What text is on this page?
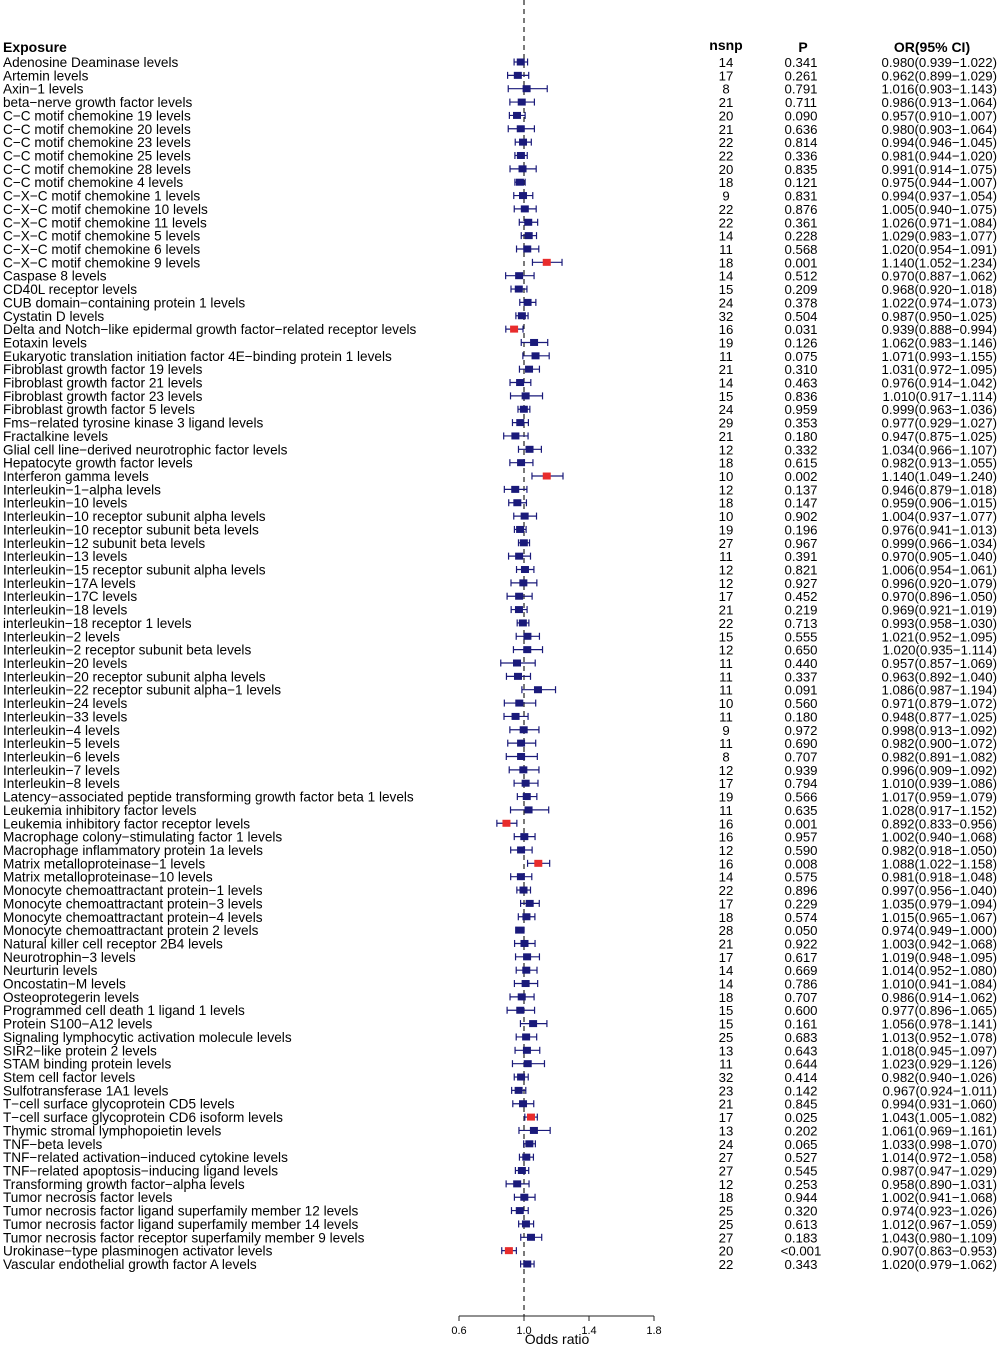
Exposure	nsnp	P	OR(95% CI)
Adenosine Deaminase levels	14	0.341	0.980(0.939−1.022)
Artemin levels	17	0.261	0.962(0.899−1.029)
Axin−1 levels	8	0.791	1.016(0.903−1.143)
beta−nerve growth factor levels	21	0.711	0.986(0.913−1.064)
C−C motif chemokine 19 levels	20	0.090	0.957(0.910−1.007)
C−C motif chemokine 20 levels	21	0.636	0.980(0.903−1.064)
C−C motif chemokine 23 levels	22	0.814	0.994(0.946−1.045)
C−C motif chemokine 25 levels	22	0.336	0.981(0.944−1.020)
C−C motif chemokine 28 levels	20	0.835	0.991(0.914−1.075)
C−C motif chemokine 4 levels	18	0.121	0.975(0.944−1.007)
C−X−C motif chemokine 1 levels	9	0.831	0.994(0.937−1.054)
C−X−C motif chemokine 10 levels	22	0.876	1.005(0.940−1.075)
C−X−C motif chemokine 11 levels	22	0.361	1.026(0.971−1.084)
C−X−C motif chemokine 5 levels	14	0.228	1.029(0.983−1.077)
C−X−C motif chemokine 6 levels	11	0.568	1.020(0.954−1.091)
C−X−C motif chemokine 9 levels	18	0.001	1.140(1.052−1.234)
Caspase 8 levels	14	0.512	0.970(0.887−1.062)
CD40L receptor levels	15	0.209	0.968(0.920−1.018)
CUB domain−containing protein 1 levels	24	0.378	1.022(0.974−1.073)
Cystatin D levels	32	0.504	0.987(0.950−1.025)
Delta and Notch−like epidermal growth factor−related receptor levels	16	0.031	0.939(0.888−0.994)
Eotaxin levels	19	0.126	1.062(0.983−1.146)
Eukaryotic translation initiation factor 4E−binding protein 1 levels	11	0.075	1.071(0.993−1.155)
Fibroblast growth factor 19 levels	21	0.310	1.031(0.972−1.095)
Fibroblast growth factor 21 levels	14	0.463	0.976(0.914−1.042)
Fibroblast growth factor 23 levels	15	0.836	1.010(0.917−1.114)
Fibroblast growth factor 5 levels	24	0.959	0.999(0.963−1.036)
Fms−related tyrosine kinase 3 ligand levels	29	0.353	0.977(0.929−1.027)
Fractalkine levels	21	0.180	0.947(0.875−1.025)
Glial cell line−derived neurotrophic factor levels	12	0.332	1.034(0.966−1.107)
Hepatocyte growth factor levels	18	0.615	0.982(0.913−1.055)
Interferon gamma levels	10	0.002	1.140(1.049−1.240)
Interleukin−1−alpha levels	12	0.137	0.946(0.879−1.018)
Interleukin−10 levels	18	0.147	0.959(0.906−1.015)
Interleukin−10 receptor subunit alpha levels	10	0.902	1.004(0.937−1.077)
Interleukin−10 receptor subunit beta levels	19	0.196	0.976(0.941−1.013)
Interleukin−12 subunit beta levels	27	0.967	0.999(0.966−1.034)
Interleukin−13 levels	11	0.391	0.970(0.905−1.040)
Interleukin−15 receptor subunit alpha levels	12	0.821	1.006(0.954−1.061)
Interleukin−17A levels	12	0.927	0.996(0.920−1.079)
Interleukin−17C levels	17	0.452	0.970(0.896−1.050)
Interleukin−18 levels	21	0.219	0.969(0.921−1.019)
interleukin−18 receptor 1 levels	22	0.713	0.993(0.958−1.030)
Interleukin−2 levels	15	0.555	1.021(0.952−1.095)
Interleukin−2 receptor subunit beta levels	12	0.650	1.020(0.935−1.114)
Interleukin−20 levels	11	0.440	0.957(0.857−1.069)
Interleukin−20 receptor subunit alpha levels	11	0.337	0.963(0.892−1.040)
Interleukin−22 receptor subunit alpha−1 levels	11	0.091	1.086(0.987−1.194)
Interleukin−24 levels	10	0.560	0.971(0.879−1.072)
Interleukin−33 levels	11	0.180	0.948(0.877−1.025)
Interleukin−4 levels	9	0.972	0.998(0.913−1.092)
Interleukin−5 levels	11	0.690	0.982(0.900−1.072)
Interleukin−6 levels	8	0.707	0.982(0.891−1.082)
Interleukin−7 levels	12	0.939	0.996(0.909−1.092)
Interleukin−8 levels	17	0.794	1.010(0.939−1.086)
Latency−associated peptide transforming growth factor beta 1 levels	19	0.566	1.017(0.959−1.079)
Leukemia inhibitory factor levels	11	0.635	1.028(0.917−1.152)
Leukemia inhibitory factor receptor levels	16	0.001	0.892(0.833−0.956)
Macrophage colony−stimulating factor 1 levels	16	0.957	1.002(0.940−1.068)
Macrophage inflammatory protein 1a levels	12	0.590	0.982(0.918−1.050)
Matrix metalloproteinase−1 levels	16	0.008	1.088(1.022−1.158)
Matrix metalloproteinase−10 levels	14	0.575	0.981(0.918−1.048)
Monocyte chemoattractant protein−1 levels	22	0.896	0.997(0.956−1.040)
Monocyte chemoattractant protein−3 levels	17	0.229	1.035(0.979−1.094)
Monocyte chemoattractant protein−4 levels	18	0.574	1.015(0.965−1.067)
Monocyte chemoattractant protein 2 levels	28	0.050	0.974(0.949−1.000)
Natural killer cell receptor 2B4 levels	21	0.922	1.003(0.942−1.068)
Neurotrophin−3 levels	17	0.617	1.019(0.948−1.095)
Neurturin levels	14	0.669	1.014(0.952−1.080)
Oncostatin−M levels	14	0.786	1.010(0.941−1.084)
Osteoprotegerin levels	18	0.707	0.986(0.914−1.062)
Programmed cell death 1 ligand 1 levels	15	0.600	0.977(0.896−1.065)
Protein S100−A12 levels	15	0.161	1.056(0.978−1.141)
Signaling lymphocytic activation molecule levels	25	0.683	1.013(0.952−1.078)
SIR2−like protein 2 levels	13	0.643	1.018(0.945−1.097)
STAM binding protein levels	11	0.644	1.023(0.929−1.126)
Stem cell factor levels	32	0.414	0.982(0.940−1.026)
Sulfotransferase 1A1 levels	23	0.142	0.967(0.924−1.011)
T−cell surface glycoprotein CD5 levels	21	0.845	0.994(0.931−1.060)
T−cell surface glycoprotein CD6 isoform levels	17	0.025	1.043(1.005−1.082)
Thymic stromal lymphopoietin levels	13	0.202	1.061(0.969−1.161)
TNF−beta levels	24	0.065	1.033(0.998−1.070)
TNF−related activation−induced cytokine levels	27	0.527	1.014(0.972−1.058)
TNF−related apoptosis−inducing ligand levels	27	0.545	0.987(0.947−1.029)
Transforming growth factor−alpha levels	12	0.253	0.958(0.890−1.031)
Tumor necrosis factor levels	18	0.944	1.002(0.941−1.068)
Tumor necrosis factor ligand superfamily member 12 levels	25	0.320	0.974(0.923−1.026)
Tumor necrosis factor ligand superfamily member 14 levels	25	0.613	1.012(0.967−1.059)
Tumor necrosis factor receptor superfamily member 9 levels	27	0.183	1.043(0.980−1.109)
Urokinase−type plasminogen activator levels	20	<0.001	0.907(0.863−0.953)
Vascular endothelial growth factor A levels	22	0.343	1.020(0.979−1.062)
0.6	1.0	1.4	1.8
Odds ratio
